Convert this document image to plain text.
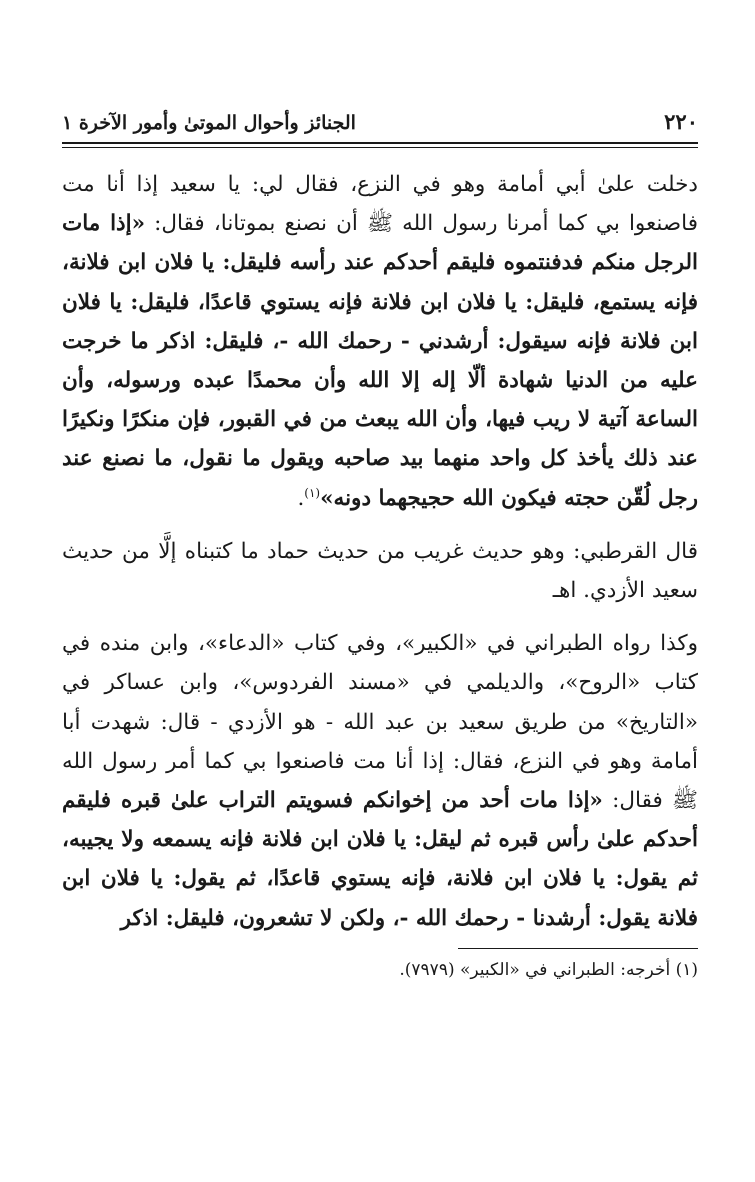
٢٢٠
الجنائز وأحوال الموتىٰ وأمور الآخرة ١

دخلت علىٰ أبي أمامة وهو في النزع، فقال لي: يا سعيد إذا أنا مت فاصنعوا بي كما أمرنا رسول الله ﷺ أن نصنع بموتانا، فقال: «إذا مات الرجل منكم فدفنتموه فليقم أحدكم عند رأسه فليقل: يا فلان ابن فلانة، فإنه يستمع، فليقل: يا فلان ابن فلانة فإنه يستوي قاعدًا، فليقل: يا فلان ابن فلانة فإنه سيقول: أرشدني - رحمك الله -، فليقل: اذكر ما خرجت عليه من الدنيا شهادة ألّا إله إلا الله وأن محمدًا عبده ورسوله، وأن الساعة آتية لا ريب فيها، وأن الله يبعث من في القبور، فإن منكرًا ونكيرًا عند ذلك يأخذ كل واحد منهما بيد صاحبه ويقول ما نقول، ما نصنع عند رجل لُقّن حجته فيكون الله حجيجهما دونه»$^{(١)}$.

قال القرطبي: وهو حديث غريب من حديث حماد ما كتبناه إلَّا من حديث سعيد الأزدي. اهـ

وكذا رواه الطبراني في «الكبير»، وفي كتاب «الدعاء»، وابن منده في كتاب «الروح»، والديلمي في «مسند الفردوس»، وابن عساكر في «التاريخ» من طريق سعيد بن عبد الله - هو الأزدي - قال: شهدت أبا أمامة وهو في النزع، فقال: إذا أنا مت فاصنعوا بي كما أمر رسول الله ﷺ فقال: «إذا مات أحد من إخوانكم فسويتم التراب علىٰ قبره فليقم أحدكم علىٰ رأس قبره ثم ليقل: يا فلان ابن فلانة فإنه يسمعه ولا يجيبه، ثم يقول: يا فلان ابن فلانة، فإنه يستوي قاعدًا، ثم يقول: يا فلان ابن فلانة يقول: أرشدنا - رحمك الله -، ولكن لا تشعرون، فليقل: اذكر

(١) أخرجه: الطبراني في «الكبير» (٧٩٧٩).
